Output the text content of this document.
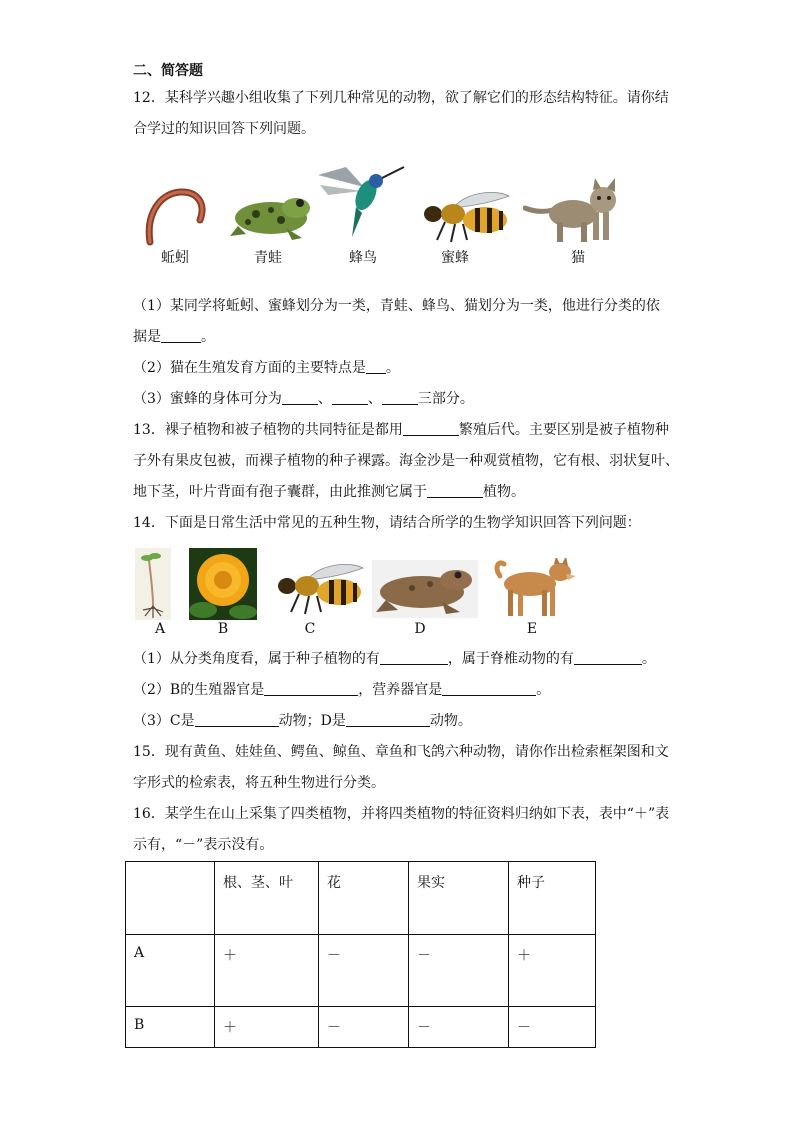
二、简答题
12．某科学兴趣小组收集了下列几种常见的动物，欲了解它们的形态结构特征。请你结
合学过的知识回答下列问题。
蚯蚓	青蛙	蜂鸟	蜜蜂	猫
（1）某同学将蚯蚓、蜜蜂划分为一类，青蛙、蜂鸟、猫划分为一类，他进行分类的依
据是	。
（2）猫在生殖发育方面的主要特点是 。
（3）蜜蜂的身体可分为	、	、	三部分。
13．裸子植物和被子植物的共同特征是都用	繁殖后代。主要区别是被子植物种
子外有果皮包被，而裸子植物的种子裸露。海金沙是一种观赏植物，它有根、羽状复叶、
地下茎，叶片背面有孢子囊群，由此推测它属于	植物。
14．下面是日常生活中常见的五种生物，请结合所学的生物学知识回答下列问题：
A	B	C	D	E
（1）从分类角度看，属于种子植物的有	，属于脊椎动物的有	。
（2）B的生殖器官是	，营养器官是	。
（3）C是	动物；D是	动物。
15．现有黄鱼、娃娃鱼、鳄鱼、鲸鱼、章鱼和飞鸽六种动物，请你作出检索框架图和文
字形式的检索表，将五种生物进行分类。
16．某学生在山上采集了四类植物，并将四类植物的特征资料归纳如下表，表中“＋”表
示有，“－”表示没有。
	根、茎、叶	花	果实	种子
A	＋	－	－	＋
B	＋	－	－	－
